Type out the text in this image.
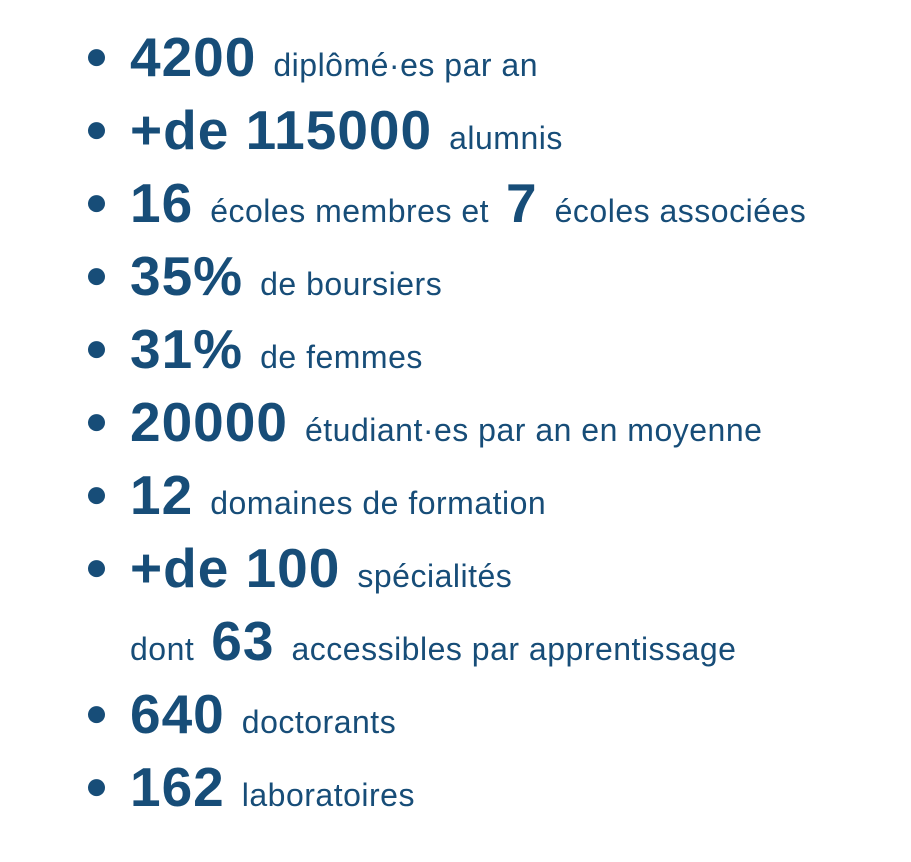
4200 diplômé·es par an
+de 115000 alumnis
16 écoles membres et 7 écoles associées
35% de boursiers
31% de femmes
20000 étudiant·es par an en moyenne
12 domaines de formation
+de 100 spécialités
dont 63 accessibles par apprentissage
640 doctorants
162 laboratoires
